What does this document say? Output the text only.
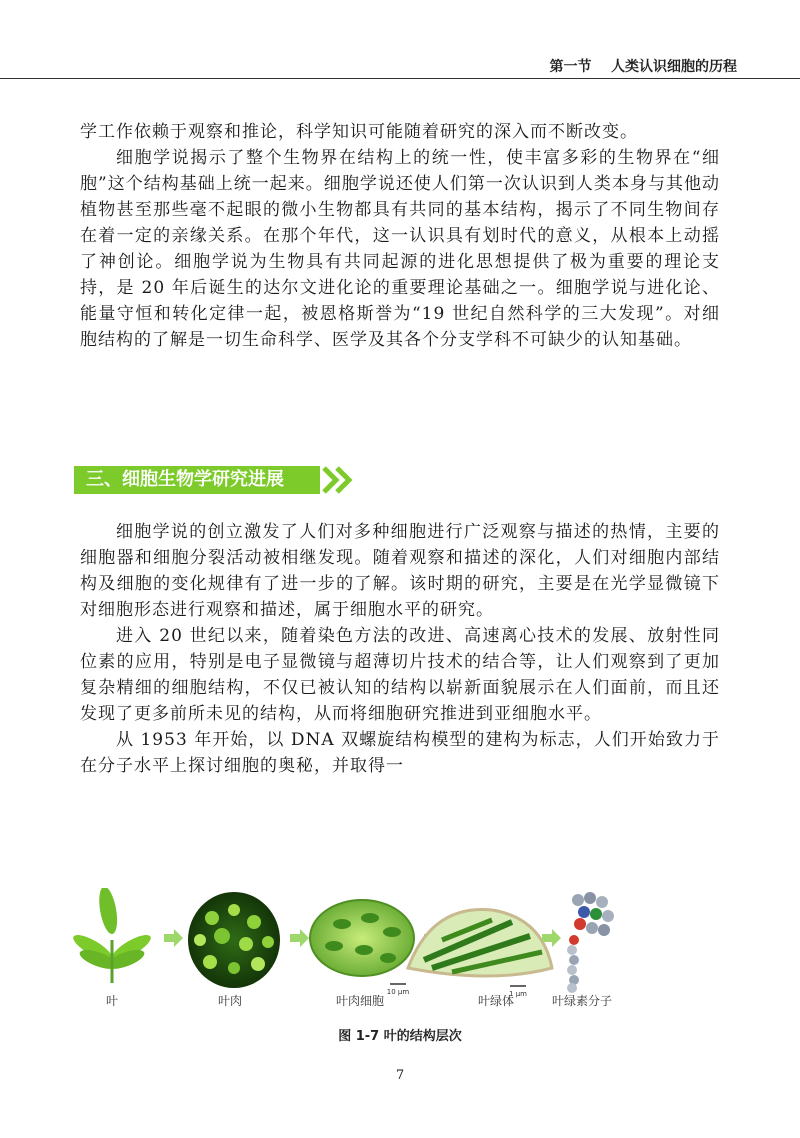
第一节    人类认识细胞的历程

学工作依赖于观察和推论，科学知识可能随着研究的深入而不断改变。

细胞学说揭示了整个生物界在结构上的统一性，使丰富多彩的生物界在“细胞”这个结构基础上统一起来。细胞学说还使人们第一次认识到人类本身与其他动植物甚至那些毫不起眼的微小生物都具有共同的基本结构，揭示了不同生物间存在着一定的亲缘关系。在那个年代，这一认识具有划时代的意义，从根本上动摇了神创论。细胞学说为生物具有共同起源的进化思想提供了极为重要的理论支持，是 20 年后诞生的达尔文进化论的重要理论基础之一。细胞学说与进化论、能量守恒和转化定律一起，被恩格斯誉为“19 世纪自然科学的三大发现”。对细胞结构的了解是一切生命科学、医学及其各个分支学科不可缺少的认知基础。

三、细胞生物学研究进展

细胞学说的创立激发了人们对多种细胞进行广泛观察与描述的热情，主要的细胞器和细胞分裂活动被相继发现。随着观察和描述的深化，人们对细胞内部结构及细胞的变化规律有了进一步的了解。该时期的研究，主要是在光学显微镜下对细胞形态进行观察和描述，属于细胞水平的研究。

进入 20 世纪以来，随着染色方法的改进、高速离心技术的发展、放射性同位素的应用，特别是电子显微镜与超薄切片技术的结合等，让人们观察到了更加复杂精细的细胞结构，不仅已被认知的结构以崭新面貌展示在人们面前，而且还发现了更多前所未见的结构，从而将细胞研究推进到亚细胞水平。

从 1953 年开始，以 DNA 双螺旋结构模型的建构为标志，人们开始致力于在分子水平上探讨细胞的奥秘，并取得一

10 µm	1 µm
叶	叶肉	叶肉细胞	叶绿体	叶绿素分子
图 1-7 叶的结构层次
7
